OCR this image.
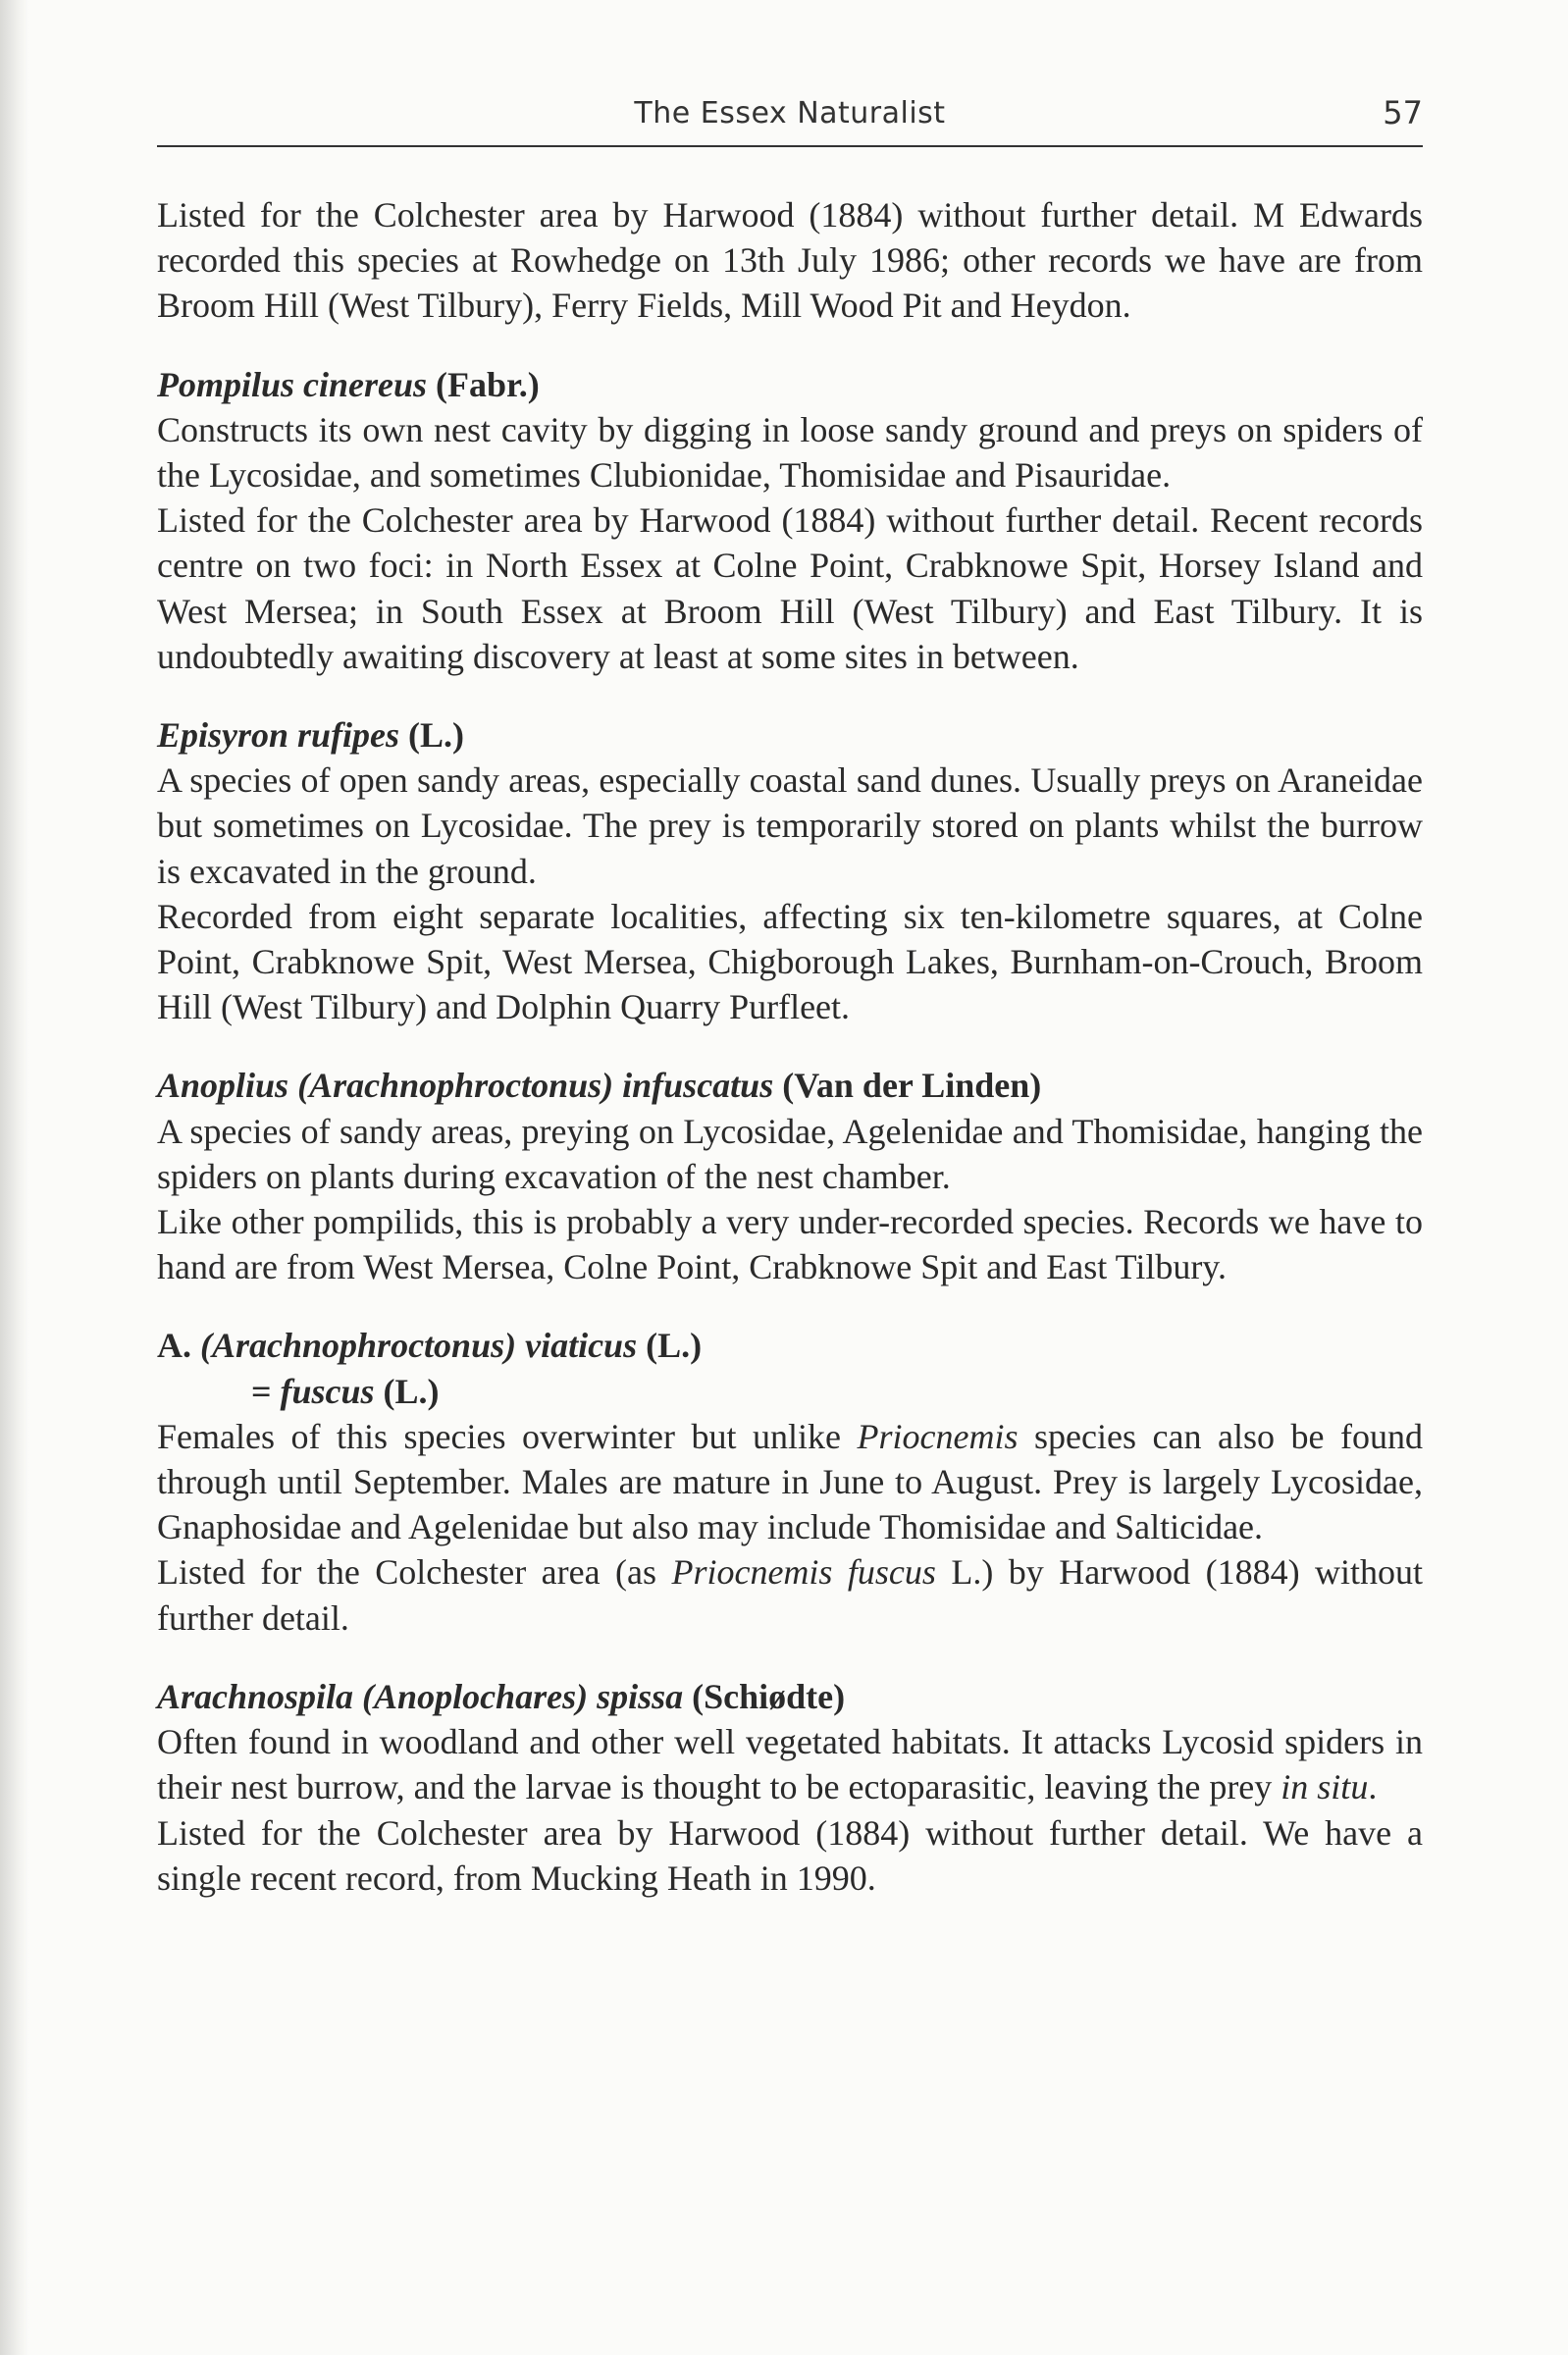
The Essex Naturalist	57

Listed for the Colchester area by Harwood (1884) without further detail. M Edwards recorded this species at Rowhedge on 13th July 1986; other records we have are from Broom Hill (West Tilbury), Ferry Fields, Mill Wood Pit and Heydon.

Pompilus cinereus (Fabr.)

Constructs its own nest cavity by digging in loose sandy ground and preys on spiders of the Lycosidae, and sometimes Clubionidae, Thomisidae and Pisauridae.

Listed for the Colchester area by Harwood (1884) without further detail. Recent records centre on two foci: in North Essex at Colne Point, Crabknowe Spit, Horsey Island and West Mersea; in South Essex at Broom Hill (West Tilbury) and East Tilbury. It is undoubtedly awaiting discovery at least at some sites in between.

Episyron rufipes (L.)

A species of open sandy areas, especially coastal sand dunes. Usually preys on Araneidae but sometimes on Lycosidae. The prey is temporarily stored on plants whilst the burrow is excavated in the ground.

Recorded from eight separate localities, affecting six ten-kilometre squares, at Colne Point, Crabknowe Spit, West Mersea, Chigborough Lakes, Burnham-on-Crouch, Broom Hill (West Tilbury) and Dolphin Quarry Purfleet.

Anoplius (Arachnophroctonus) infuscatus (Van der Linden)

A species of sandy areas, preying on Lycosidae, Agelenidae and Thomisidae, hanging the spiders on plants during excavation of the nest chamber.

Like other pompilids, this is probably a very under-recorded species. Records we have to hand are from West Mersea, Colne Point, Crabknowe Spit and East Tilbury.

A. (Arachnophroctonus) viaticus (L.)

= fuscus (L.)

Females of this species overwinter but unlike Priocnemis species can also be found through until September. Males are mature in June to August. Prey is largely Lycosidae, Gnaphosidae and Agelenidae but also may include Thomisidae and Salticidae.

Listed for the Colchester area (as Priocnemis fuscus L.) by Harwood (1884) without further detail.

Arachnospila (Anoplochares) spissa (Schiødte)

Often found in woodland and other well vegetated habitats. It attacks Lycosid spiders in their nest burrow, and the larvae is thought to be ectoparasitic, leaving the prey in situ.

Listed for the Colchester area by Harwood (1884) without further detail. We have a single recent record, from Mucking Heath in 1990.
